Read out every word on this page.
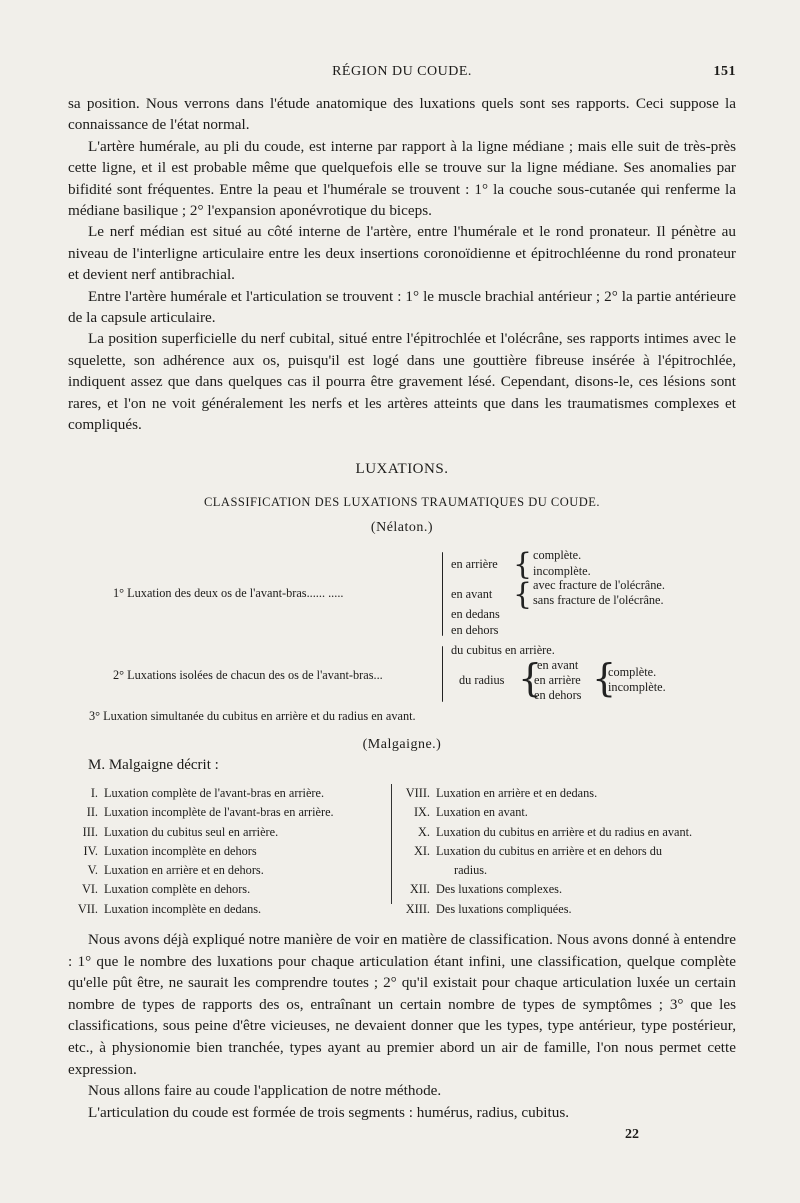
RÉGION DU COUDE.	151

sa position. Nous verrons dans l'étude anatomique des luxations quels sont ses rapports. Ceci suppose la connaissance de l'état normal.

L'artère humérale, au pli du coude, est interne par rapport à la ligne médiane ; mais elle suit de très-près cette ligne, et il est probable même que quelquefois elle se trouve sur la ligne médiane. Ses anomalies par bifidité sont fréquentes. Entre la peau et l'humérale se trouvent : 1° la couche sous-cutanée qui renferme la médiane basilique ; 2° l'expansion aponévrotique du biceps.

Le nerf médian est situé au côté interne de l'artère, entre l'humérale et le rond pronateur. Il pénètre au niveau de l'interligne articulaire entre les deux insertions coronoïdienne et épitrochléenne du rond pronateur et devient nerf antibrachial.

Entre l'artère humérale et l'articulation se trouvent : 1° le muscle brachial antérieur ; 2° la partie antérieure de la capsule articulaire.

La position superficielle du nerf cubital, situé entre l'épitrochlée et l'olécrâne, ses rapports intimes avec le squelette, son adhérence aux os, puisqu'il est logé dans une gouttière fibreuse insérée à l'épitrochlée, indiquent assez que dans quelques cas il pourra être gravement lésé. Cependant, disons-le, ces lésions sont rares, et l'on ne voit généralement les nerfs et les artères atteints que dans les traumatismes complexes et compliqués.

LUXATIONS.
CLASSIFICATION DES LUXATIONS TRAUMATIQUES DU COUDE.
(Nélaton.)
1° Luxation des deux os de l'avant-bras...... .....
en arrière { complète.
incomplète.
en avant { avec fracture de l'olécrâne.
sans fracture de l'olécrâne.
en dedans
en dehors
2° Luxations isolées de chacun des os de l'avant-bras...
du cubitus en arrière.
du radius {
en avant
en arrière
en dehors {
complète.
incomplète.
3° Luxation simultanée du cubitus en arrière et du radius en avant.
(Malgaigne.)
M. Malgaigne décrit :
I. Luxation complète de l'avant-bras en arrière.
II. Luxation incomplète de l'avant-bras en arrière.
III. Luxation du cubitus seul en arrière.
IV. Luxation incomplète en dehors
V. Luxation en arrière et en dehors.
VI. Luxation complète en dehors.
VII. Luxation incomplète en dedans.
VIII. Luxation en arrière et en dedans.
IX. Luxation en avant.
X. Luxation du cubitus en arrière et du radius en avant.
XI. Luxation du cubitus en arrière et en dehors du
radius.
XII. Des luxations complexes.
XIII. Des luxations compliquées.

Nous avons déjà expliqué notre manière de voir en matière de classification. Nous avons donné à entendre : 1° que le nombre des luxations pour chaque articulation étant infini, une classification, quelque complète qu'elle pût être, ne saurait les comprendre toutes ; 2° qu'il existait pour chaque articulation luxée un certain nombre de types de rapports des os, entraînant un certain nombre de types de symptômes ; 3° que les classifications, sous peine d'être vicieuses, ne devaient donner que les types, type antérieur, type postérieur, etc., à physionomie bien tranchée, types ayant au premier abord un air de famille, l'on nous permet cette expression.

Nous allons faire au coude l'application de notre méthode.

L'articulation du coude est formée de trois segments : humérus, radius, cubitus.

22
